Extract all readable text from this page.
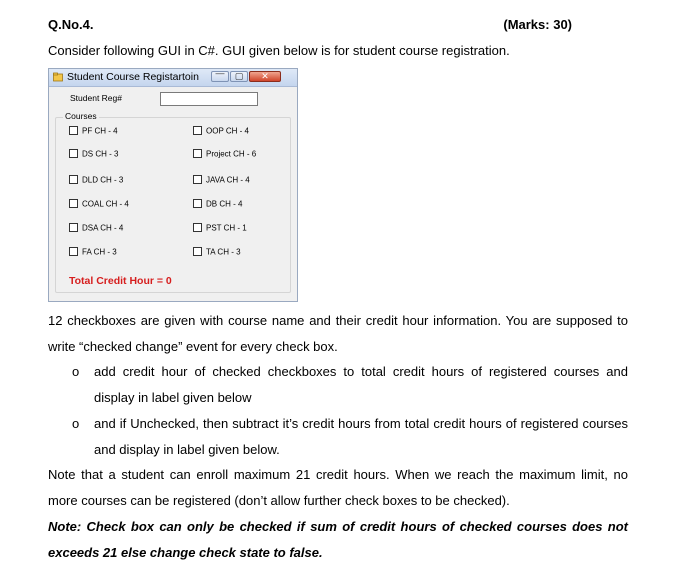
Q.No.4.	(Marks: 30)
Consider following GUI in C#. GUI given below is for student course registration.
Student Course Registartoin	—	▢	✕
Student Reg#
Courses
PF CH - 4
DS CH - 3
DLD CH - 3
COAL CH - 4
DSA CH - 4
FA CH - 3
OOP CH - 4
Project CH - 6
JAVA CH - 4
DB CH - 4
PST CH - 1
TA CH - 3
Total Credit Hour = 0
12 checkboxes are given with course name and their credit hour information. You are supposed to write “checked change” event for every check box.
o add credit hour of checked checkboxes to total credit hours of registered courses and display in label given below
o and if Unchecked, then subtract it’s credit hours from total credit hours of registered courses and display in label given below.
Note that a student can enroll maximum 21 credit hours. When we reach the maximum limit, no more courses can be registered (don’t allow further check boxes to be checked).
Note: Check box can only be checked if sum of credit hours of checked courses does not exceeds 21 else change check state to false.
